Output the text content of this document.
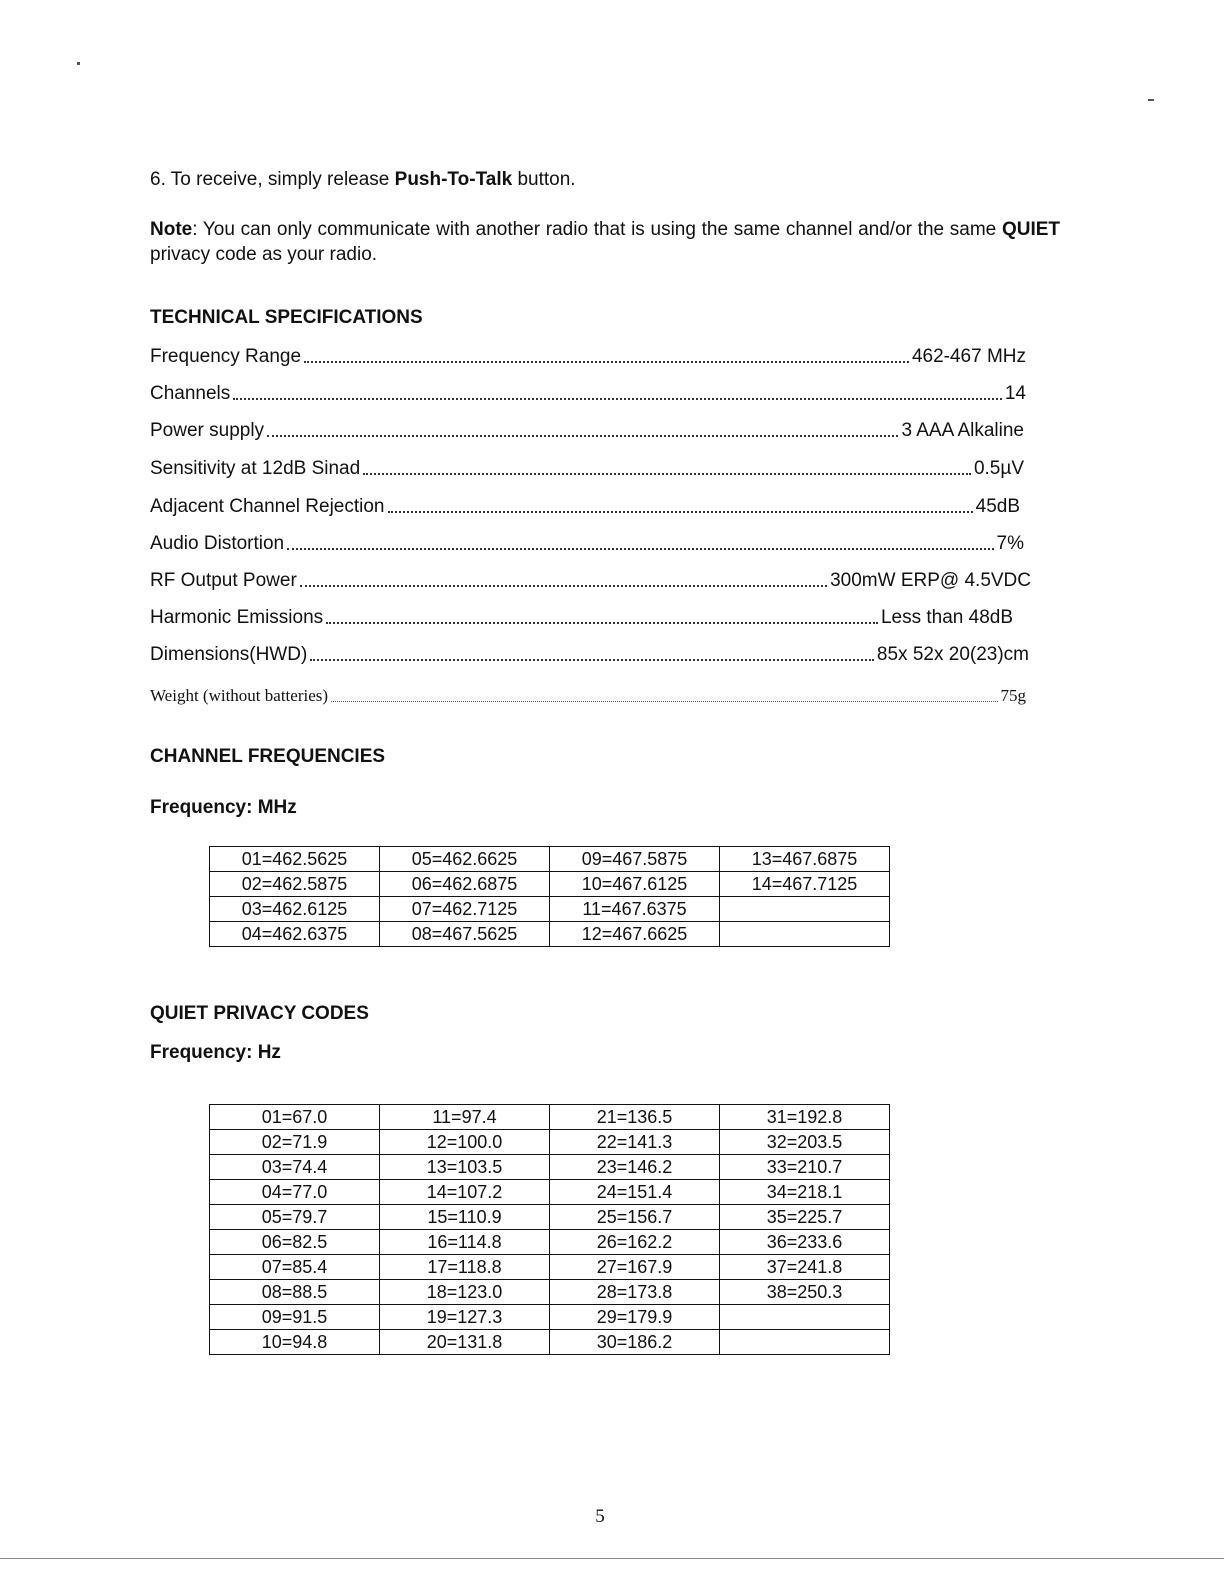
6. To receive, simply release Push-To-Talk button.

Note: You can only communicate with another radio that is using the same channel and/or the same QUIET privacy code as your radio.

TECHNICAL SPECIFICATIONS
Frequency Range	462-467 MHz
Channels	14
Power supply	3 AAA Alkaline
Sensitivity at 12dB Sinad	0.5µV
Adjacent Channel Rejection	45dB
Audio Distortion	7%
RF Output Power	300mW ERP@ 4.5VDC
Harmonic Emissions	Less than 48dB
Dimensions(HWD)	85x 52x 20(23)cm
Weight (without batteries)	75g
CHANNEL FREQUENCIES

Frequency: MHz

01=462.5625	05=462.6625	09=467.5875	13=467.6875
02=462.5875	06=462.6875	10=467.6125	14=467.7125
03=462.6125	07=462.7125	11=467.6375	
04=462.6375	08=467.5625	12=467.6625	
QUIET PRIVACY CODES

Frequency: Hz

01=67.0	11=97.4	21=136.5	31=192.8
02=71.9	12=100.0	22=141.3	32=203.5
03=74.4	13=103.5	23=146.2	33=210.7
04=77.0	14=107.2	24=151.4	34=218.1
05=79.7	15=110.9	25=156.7	35=225.7
06=82.5	16=114.8	26=162.2	36=233.6
07=85.4	17=118.8	27=167.9	37=241.8
08=88.5	18=123.0	28=173.8	38=250.3
09=91.5	19=127.3	29=179.9	
10=94.8	20=131.8	30=186.2	
5
